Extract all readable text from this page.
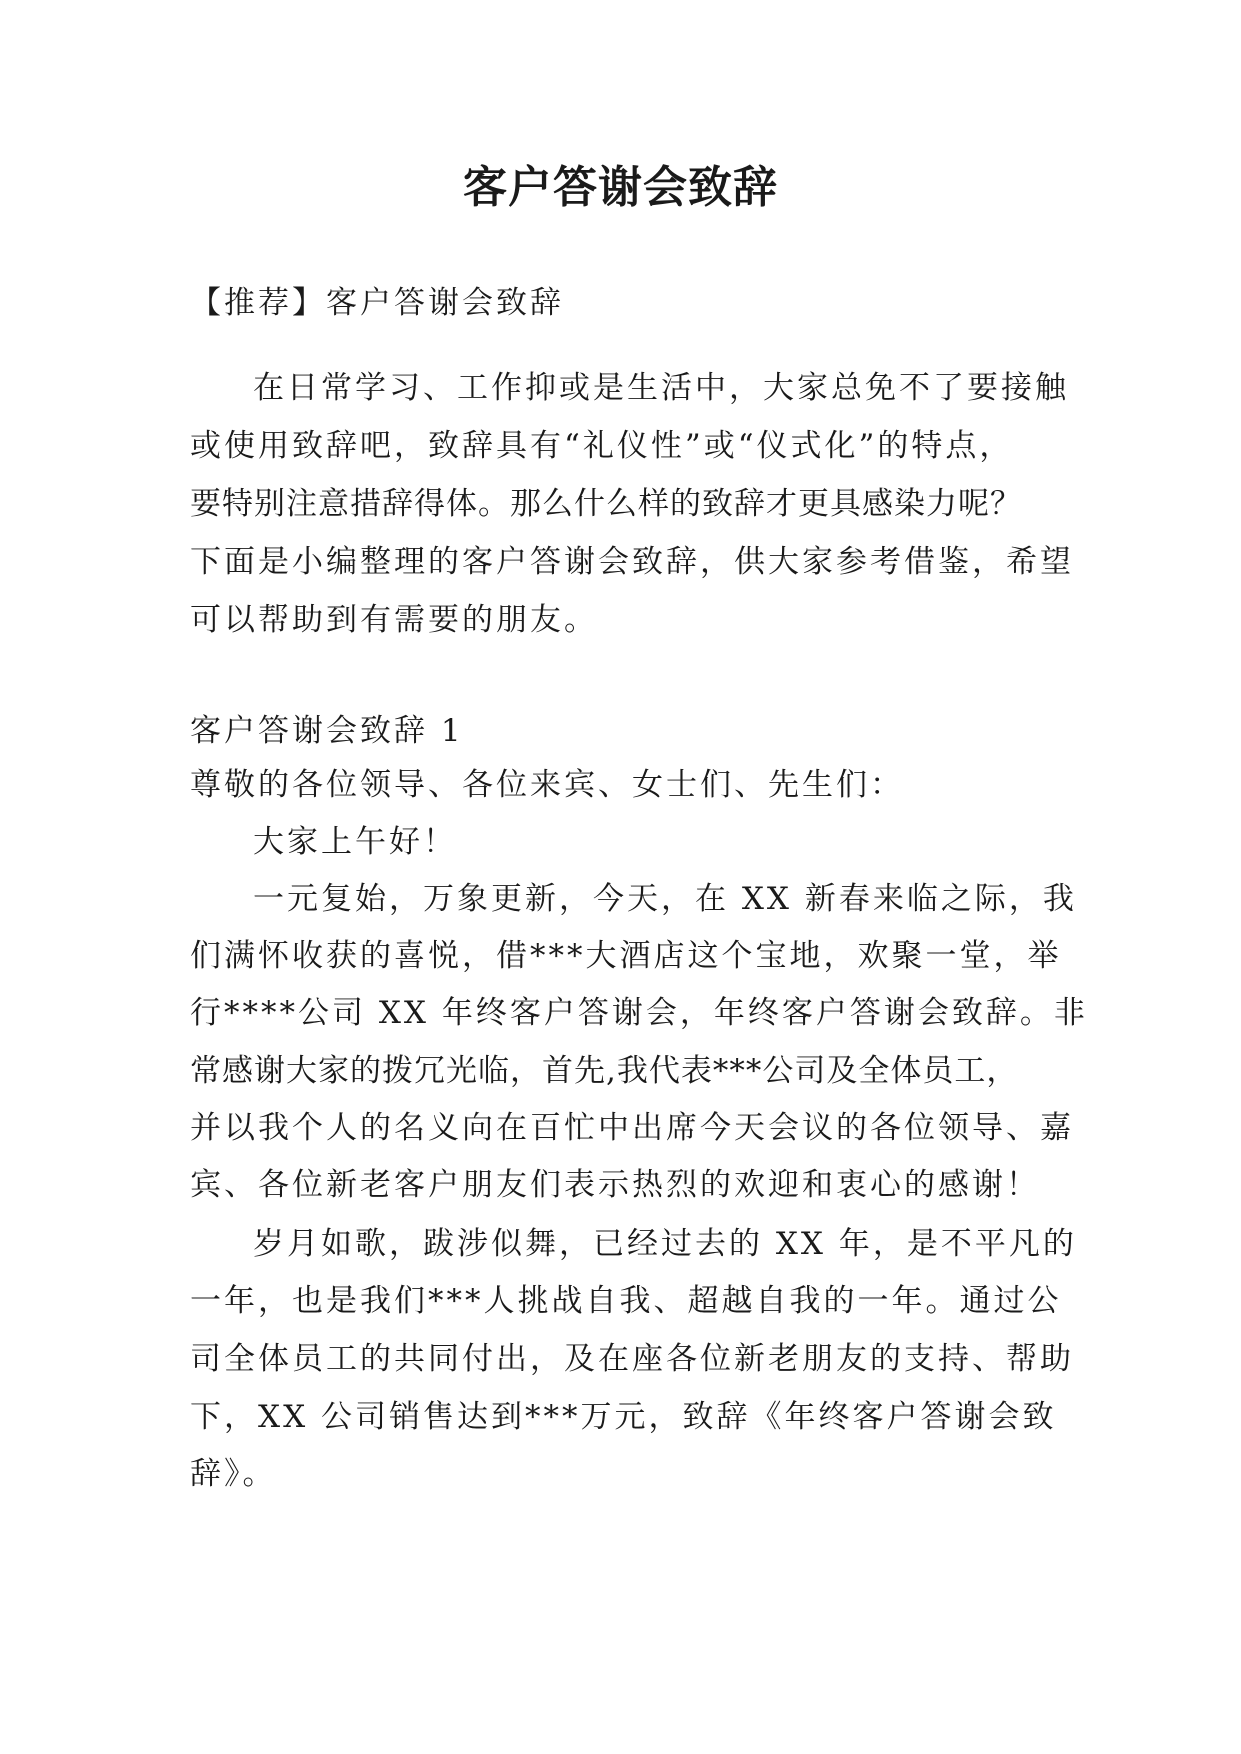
客户答谢会致辞
【推荐】客户答谢会致辞
在日常学习、工作抑或是生活中，大家总免不了要接触
或使用致辞吧，致辞具有“礼仪性”或“仪式化”的特点，
要特别注意措辞得体。那么什么样的致辞才更具感染力呢？
下面是小编整理的客户答谢会致辞，供大家参考借鉴，希望
可以帮助到有需要的朋友。
客户答谢会致辞 1
尊敬的各位领导、各位来宾、女士们、先生们：
大家上午好！
一元复始，万象更新，今天，在 XX 新春来临之际，我
们满怀收获的喜悦，借***大酒店这个宝地，欢聚一堂，举
行****公司 XX 年终客户答谢会，年终客户答谢会致辞。非
常感谢大家的拨冗光临，首先,我代表***公司及全体员工，
并以我个人的名义向在百忙中出席今天会议的各位领导、嘉
宾、各位新老客户朋友们表示热烈的欢迎和衷心的感谢！
岁月如歌，跋涉似舞，已经过去的 XX 年，是不平凡的
一年，也是我们***人挑战自我、超越自我的一年。通过公
司全体员工的共同付出，及在座各位新老朋友的支持、帮助
下，XX 公司销售达到***万元，致辞《年终客户答谢会致
辞》。
